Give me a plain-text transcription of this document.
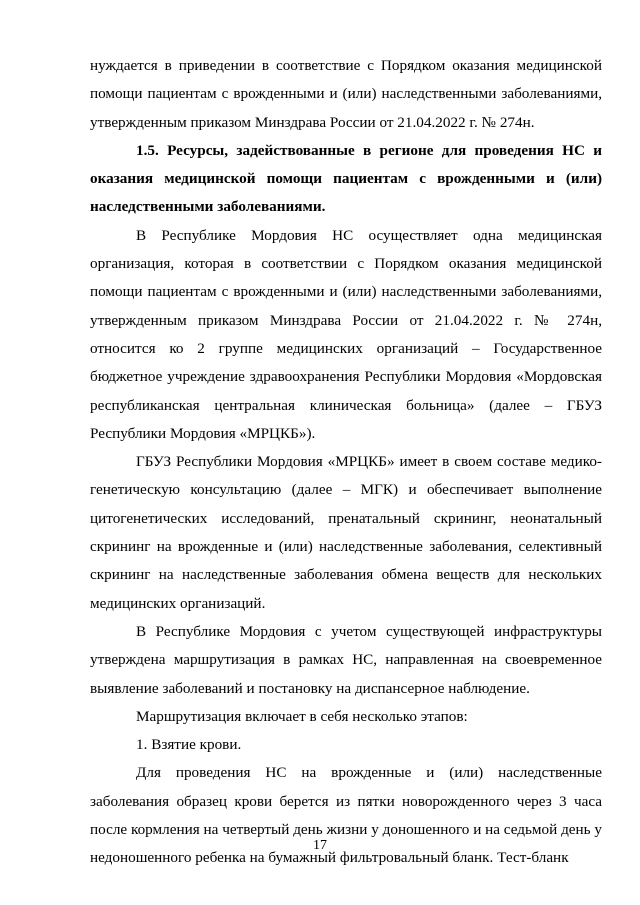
нуждается в приведении в соответствие с Порядком оказания медицинской помощи пациентам с врожденными и (или) наследственными заболеваниями, утвержденным приказом Минздрава России от 21.04.2022 г. № 274н.

1.5. Ресурсы, задействованные в регионе для проведения НС и оказания медицинской помощи пациентам с врожденными и (или) наследственными заболеваниями.

В Республике Мордовия НС осуществляет одна медицинская организация, которая в соответствии с Порядком оказания медицинской помощи пациентам с врожденными и (или) наследственными заболеваниями, утвержденным приказом Минздрава России от 21.04.2022 г. № 274н, относится ко 2 группе медицинских организаций – Государственное бюджетное учреждение здравоохранения Республики Мордовия «Мордовская республиканская центральная клиническая больница» (далее – ГБУЗ Республики Мордовия «МРЦКБ»).

ГБУЗ Республики Мордовия «МРЦКБ» имеет в своем составе медико-генетическую консультацию (далее – МГК) и обеспечивает выполнение цитогенетических исследований, пренатальный скрининг, неонатальный скрининг на врожденные и (или) наследственные заболевания, селективный скрининг на наследственные заболевания обмена веществ для нескольких медицинских организаций.

В Республике Мордовия с учетом существующей инфраструктуры утверждена маршрутизация в рамках НС, направленная на своевременное выявление заболеваний и постановку на диспансерное наблюдение.

Маршрутизация включает в себя несколько этапов:

1. Взятие крови.

Для проведения НС на врожденные и (или) наследственные заболевания образец крови берется из пятки новорожденного через 3 часа после кормления на четвертый день жизни у доношенного и на седьмой день у недоношенного ребенка на бумажный фильтровальный бланк. Тест-бланк

17
